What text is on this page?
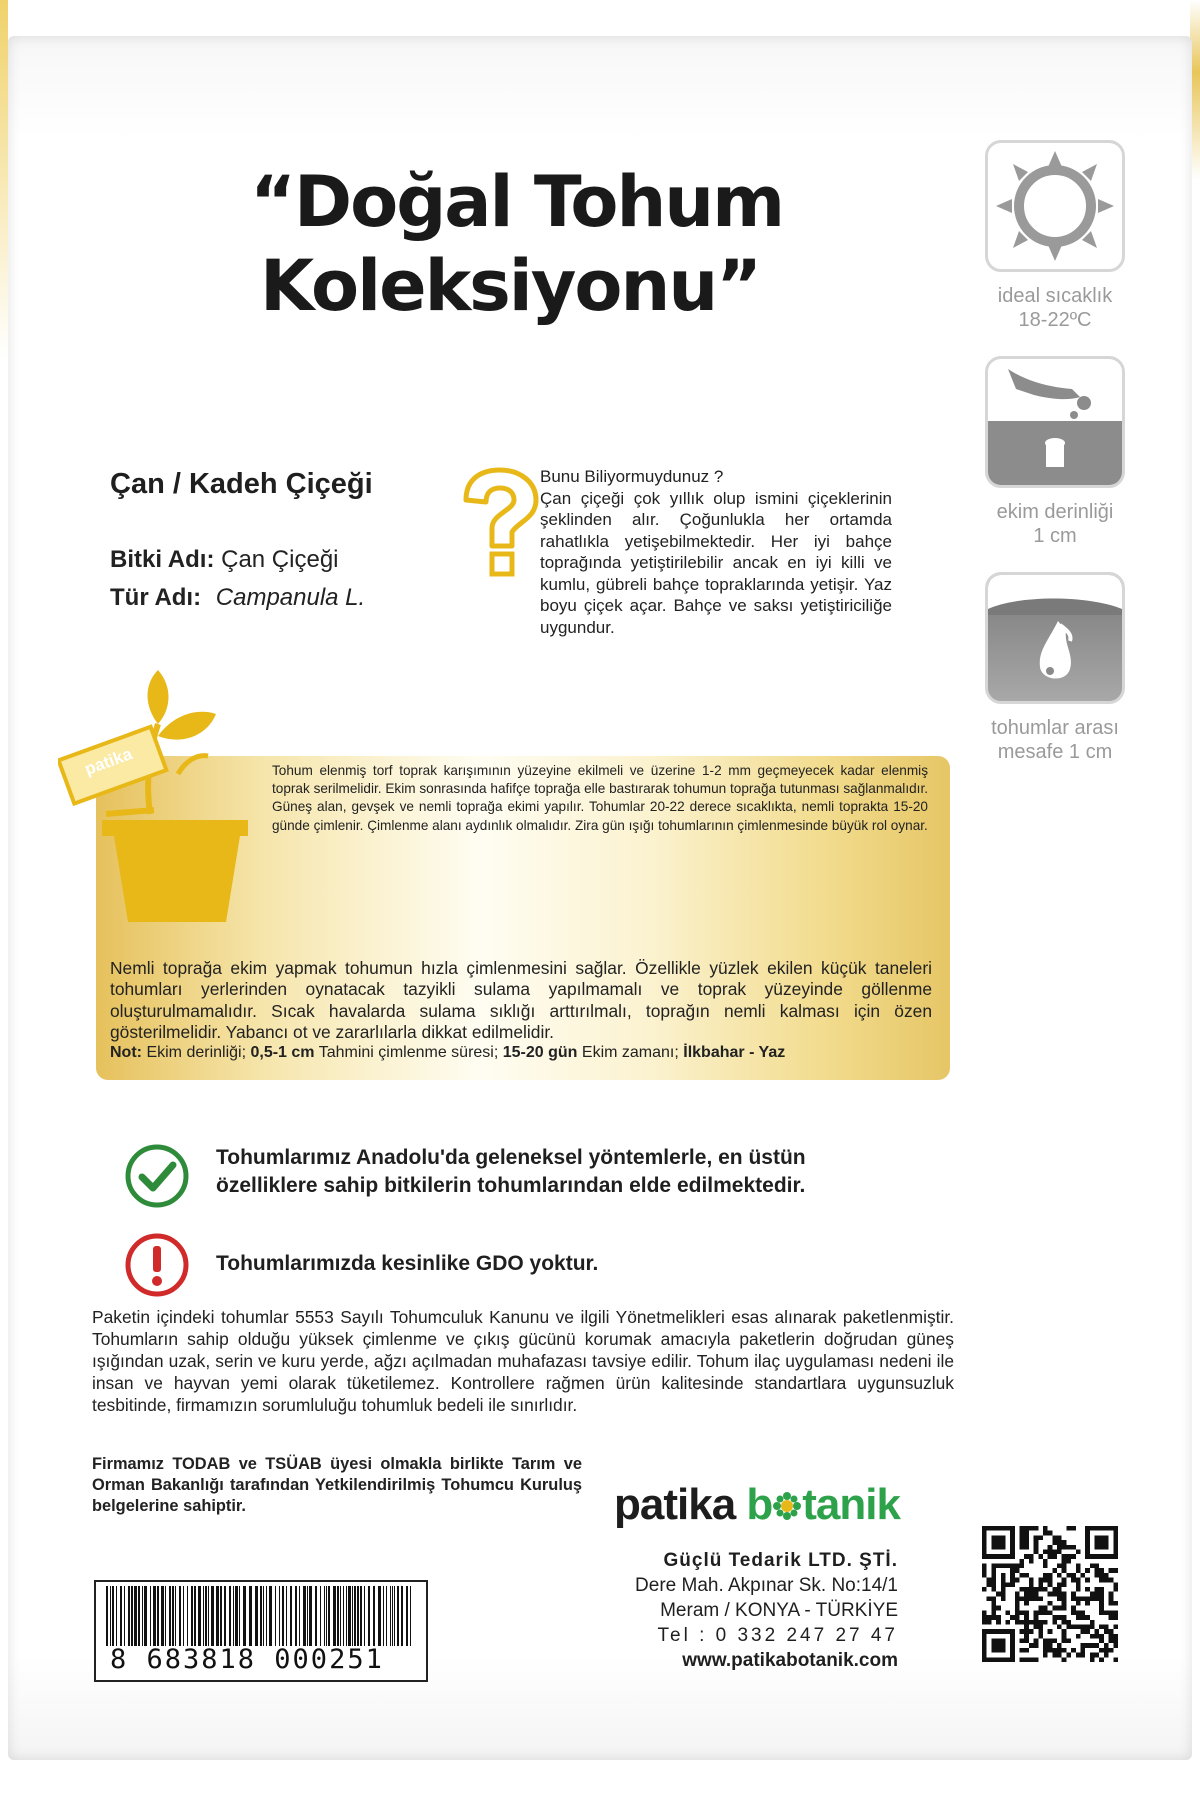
“Doğal Tohum
Koleksiyonu”	ideal sıcaklık
18-22ºC
ekim derinliği
1 cm
tohumlar arası
mesafe 1 cm
Çan / Kadeh Çiçeği
Bitki Adı: Çan Çiçeği
Tür Adı: Campanula L.
Bunu Biliyormuydunuz ?
Çan çiçeği çok yıllık olup ismini çiçeklerinin şeklinden alır. Çoğunlukla her ortamda rahatlıkla yetişebilmektedir. Her iyi bahçe toprağında yetiştirilebilir ancak en iyi killi ve kumlu, gübreli bahçe topraklarında yetişir. Yaz boyu çiçek açar. Bahçe ve saksı yetiştiriciliğe uygundur.
patika	Tohum elenmiş torf toprak karışımının yüzeyine ekilmeli ve üzerine 1-2 mm geçmeyecek kadar elenmiş toprak serilmelidir. Ekim sonrasında hafifçe toprağa elle bastırarak tohumun toprağa tutunması sağlanmalıdır. Güneş alan, gevşek ve nemli toprağa ekimi yapılır. Tohumlar 20-22 derece sıcaklıkta, nemli toprakta 15-20 günde çimlenir. Çimlenme alanı aydınlık olmalıdır. Zira gün ışığı tohumlarının çimlenmesinde büyük rol oynar.
Nemli toprağa ekim yapmak tohumun hızla çimlenmesini sağlar. Özellikle yüzlek ekilen küçük taneleri tohumları yerlerinden oynatacak tazyikli sulama yapılmamalı ve toprak yüzeyinde göllenme oluşturulmamalıdır. Sıcak havalarda sulama sıklığı arttırılmalı, toprağın nemli kalması için özen gösterilmelidir. Yabancı ot ve zararlılarla dikkat edilmelidir.
Not: Ekim derinliği; 0,5-1 cm Tahmini çimlenme süresi; 15-20 gün Ekim zamanı; İlkbahar - Yaz
Tohumlarımız Anadolu'da geleneksel yöntemlerle, en üstün
özelliklere sahip bitkilerin tohumlarından elde edilmektedir.
Tohumlarımızda kesinlike GDO yoktur.
Paketin içindeki tohumlar 5553 Sayılı Tohumculuk Kanunu ve ilgili Yönetmelikleri esas alınarak paketlenmiştir. Tohumların sahip olduğu yüksek çimlenme ve çıkış gücünü korumak amacıyla paketlerin doğrudan güneş ışığından uzak, serin ve kuru yerde, ağzı açılmadan muhafazası tavsiye edilir. Tohum ilaç uygulaması nedeni ile insan ve hayvan yemi olarak tüketilemez. Kontrollere rağmen ürün kalitesinde standartlara uygunsuzluk tesbitinde, firmamızın sorumluluğu tohumluk bedeli ile sınırlıdır.
Firmamız TODAB ve TSÜAB üyesi olmakla birlikte Tarım ve Orman Bakanlığı tarafından Yetkilendirilmiş Tohumcu Kuruluş belgelerine sahiptir.	patika b tanik
Güçlü Tedarik LTD. ŞTİ.
Dere Mah. Akpınar Sk. No:14/1
Meram / KONYA - TÜRKİYE
Tel : 0 332 247 27 47
www.patikabotanik.com
8 683818 000251
